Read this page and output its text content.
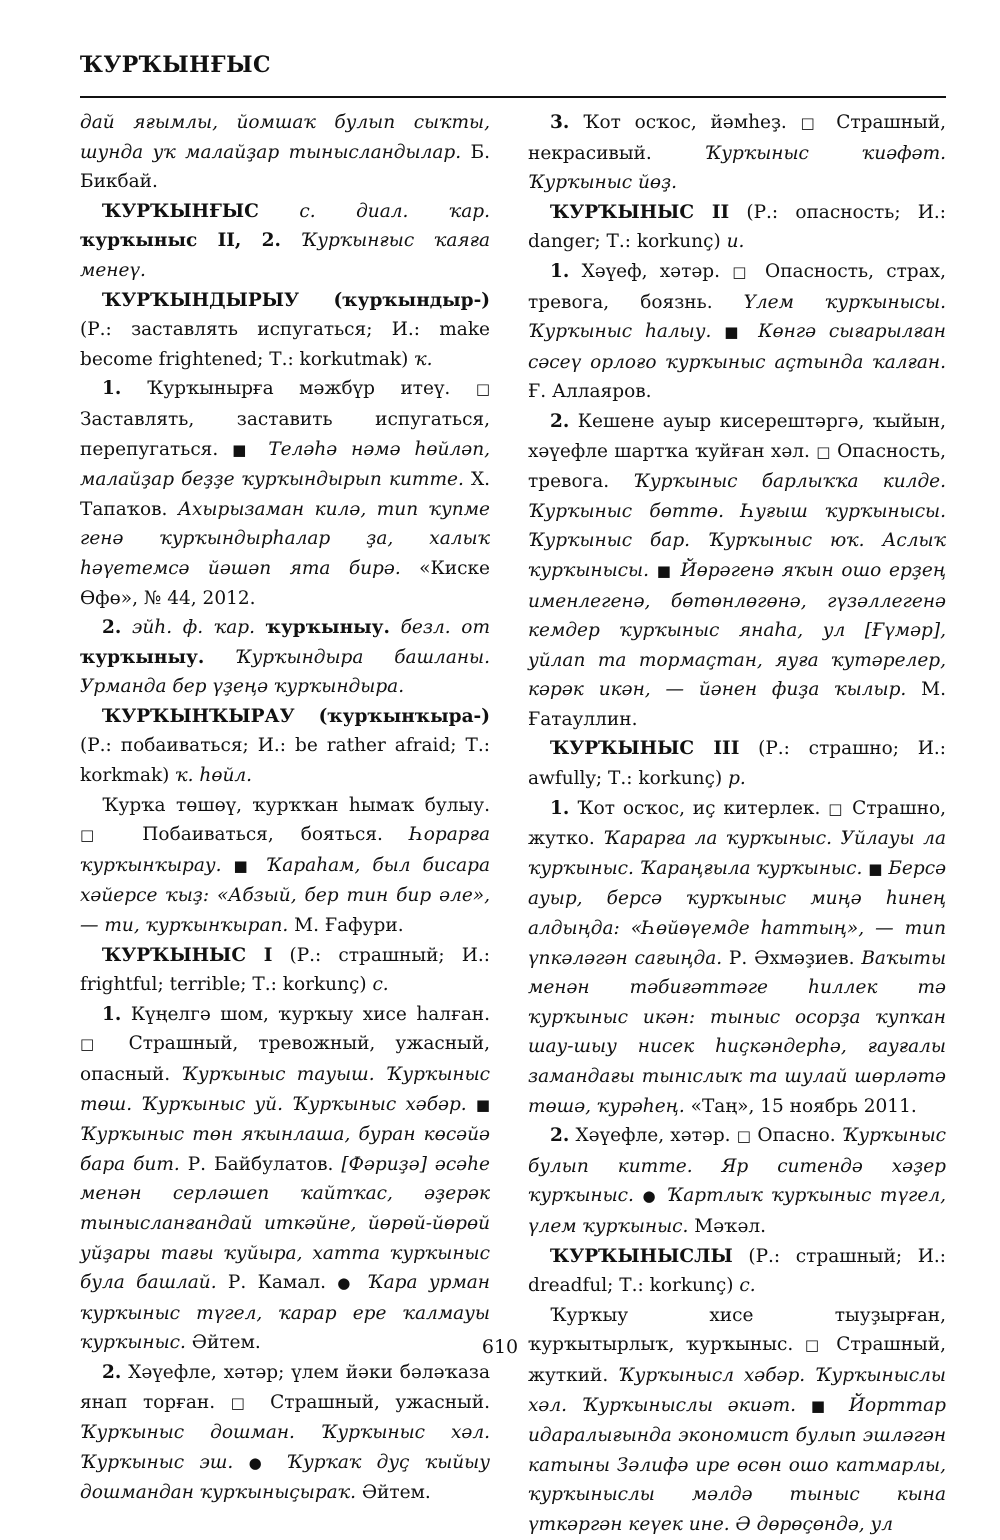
ҠУРҠЫНҒЫС

дай яғымлы, йомшаҡ булып сыҡты, шунда уҡ малайҙар тынысландылар. Б. Бикбай.

ҠУРҠЫНҒЫС с. диал. ҡар. ҡурҡыныс II, 2. Ҡурҡынғыс ҡаяға менеү.

ҠУРҠЫНДЫРЫУ (ҡурҡындыр-) (Р.: заставлять испугаться; И.: make become frightened; Т.: korkutmak) ҡ.

1. Ҡурҡынырға мәжбүр итеү. □ Заставлять, заставить испугаться, перепугаться. ■ Теләһә нәмә һөйләп, малайҙар беҙҙе ҡурҡындырып китте. Х. Тапаҡов. Ахырызаман килә, тип ҡупме генә ҡурҡындырһалар ҙа, халыҡ һәүетемсә йәшәп ята бирә. «Киске Өфө», № 44, 2012.

2. эйһ. ф. ҡар. ҡурҡыныу. безл. от ҡурҡыныу. Ҡурҡындыра башланы. Урманда бер үҙеңә ҡурҡындыра.

ҠУРҠЫНҠЫРАУ (ҡурҡынҡыра-) (Р.: побаиваться; И.: be rather afraid; Т.: korkmak) ҡ. һөйл.

Ҡурҡа төшөү, ҡурҡҡан һымаҡ булыу. □ Побаиваться, бояться. Һорарға ҡурҡынҡырау. ■ Ҡараһам, был бисара хәйерсе ҡыҙ: «Абзый, бер тин бир әле», — ти, ҡурҡынҡырап. М. Ғафури.

ҠУРҠЫНЫС I (Р.: страшный; И.: frightful; terrible; Т.: korkunç) с.

1. Күңелгә шом, ҡурҡыу хисе һалған. □ Страшный, тревожный, ужасный, опасный. Ҡурҡыныс тауыш. Ҡурҡыныс төш. Ҡурҡыныс уй. Ҡурҡыныс хәбәр. ■ Ҡурҡыныс төн яҡынлаша, буран көсәйә бара бит. Р. Байбулатов. [Фәриҙә] әсәһе менән серләшеп ҡайтҡас, әҙерәк тынысланғандай иткәйне, йөрөй-йөрөй уйҙары тағы ҡуйыра, хатта ҡурҡыныс була башлай. Р. Камал. ● Ҡара урман ҡурҡыныс түгел, ҡарар ере ҡалмауы ҡурҡыныс. Әйтем.

2. Хәүефле, хәтәр; үлем йәки бәләҡаза янап торған. □ Страшный, ужасный. Ҡурҡыныс дошман. Ҡурҡыныс хәл. Ҡурҡыныс эш. ● Ҡурҡаҡ дуҫ ҡыйыу дошмандан ҡурҡыныҫыраҡ. Әйтем.

3. Ҡот осҡос, йәмһеҙ. □ Страшный, некрасивый. Ҡурҡыныс ҡиәфәт. Ҡурҡыныс йөҙ.

ҠУРҠЫНЫС II (Р.: опасность; И.: danger; Т.: korkunç) и.

1. Хәүеф, хәтәр. □ Опасность, страх, тревога, боязнь. Үлем ҡурҡынысы. Ҡурҡыныс һалыу. ■ Көнгә сығарылған сәсеү орлоғо ҡурҡыныс аҫтында ҡалған. Ғ. Аллаяров.

2. Кешене ауыр кисерештәргә, ҡыйын, хәүефле шартҡа ҡуйған хәл. □ Опасность, тревога. Ҡурҡыныс барлыҡҡа килде. Ҡурҡыныс бөттө. Һуғыш ҡурҡынысы. Ҡурҡыныс бар. Ҡурҡыныс юҡ. Аслыҡ ҡурҡынысы. ■ Йөрәгенә яҡын ошо ерҙең именлегенә, бөтөнлөгөнә, гүзәллегенә кемдер ҡурҡыныс янаһа, ул [Ғүмәр], уйлап та тормаҫтан, яуға ҡутәрелер, кәрәк икән, — йәнен фиҙа ҡылыр. М. Ғатауллин.

ҠУРҠЫНЫС III (Р.: страшно; И.: awfully; Т.: korkunç) р.

1. Ҡот осҡос, иҫ китерлек. □ Страшно, жутко. Ҡарарға ла ҡурҡыныс. Уйлауы ла ҡурҡыныс. Ҡараңғыла ҡурҡыныс. ■ Берсә ауыр, берсә ҡурҡыныс миңә һинең алдыңда: «Һөйөүемде һаттың», — тип үпкәләгән сағыңда. Р. Әхмәҙиев. Ваҡыты менән тәбиғәттәге һиллек тә ҡурҡыныс икән: тыныс осорҙа ҡупҡан шау-шыу нисек һиҫкәндерһә, ғауғалы замандағы тынıслыҡ та шулай шөрләтә төшә, ҡурәһең. «Таң», 15 ноябрь 2011.

2. Хәүефле, хәтәр. □ Опасно. Ҡурҡыныс булып китте. Яр ситендә хәҙер ҡурҡыныс. ● Ҡартлыҡ ҡурҡыныс түгел, үлем ҡурҡыныс. Мәҡәл.

ҠУРҠЫНЫСЛЫ (Р.: страшный; И.: dreadful; Т.: korkunç) с.

Ҡурҡыу хисе тыуҙырған, ҡурҡытырлыҡ, ҡурҡыныс. □ Страшный, жуткий. Ҡурҡынысл хәбәр. Ҡурҡыныслы хәл. Ҡурҡыныслы әкиәт. ■ Йорттар идаралығында экономист булып эшләгән катыны Зәлифә ире өсөн ошо катмарлы, ҡурҡыныслы мәлдә тыныс кына үткәргән кеүек ине. Ә дөрөҫөндә, ул

610
